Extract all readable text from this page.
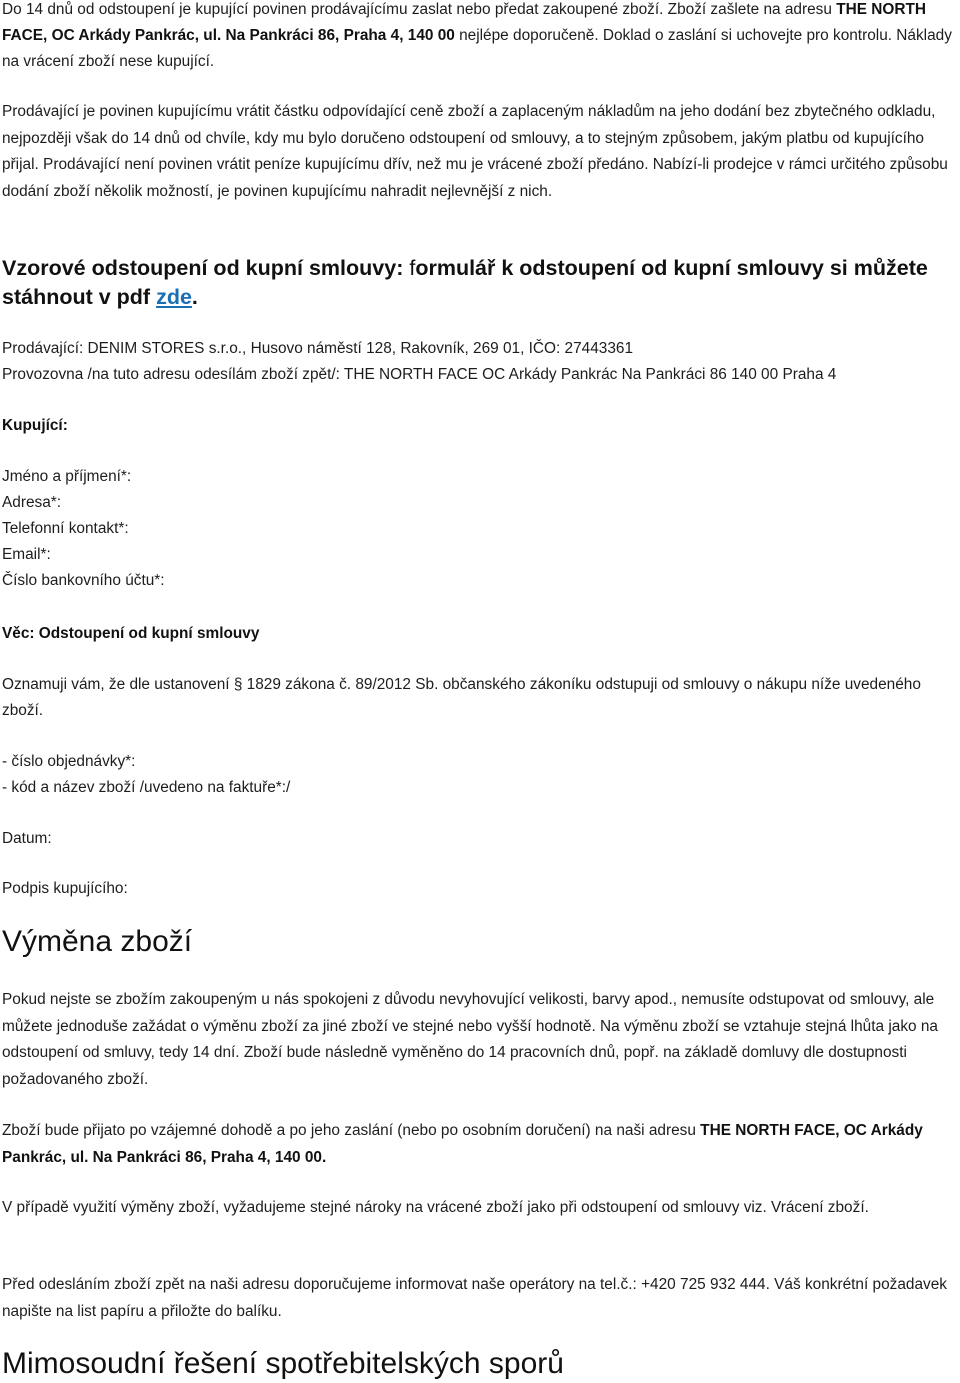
Do 14 dnů od odstoupení je kupující povinen prodávajícímu zaslat nebo předat zakoupené zboží. Zboží zašlete na adresu THE NORTH FACE, OC Arkády Pankrác, ul. Na Pankráci 86, Praha 4, 140 00 nejlépe doporučeně. Doklad o zaslání si uchovejte pro kontrolu. Náklady na vrácení zboží nese kupující.

Prodávající je povinen kupujícímu vrátit částku odpovídající ceně zboží a zaplaceným nákladům na jeho dodání bez zbytečného odkladu, nejpozději však do 14 dnů od chvíle, kdy mu bylo doručeno odstoupení od smlouvy, a to stejným způsobem, jakým platbu od kupujícího přijal. Prodávající není povinen vrátit peníze kupujícímu dřív, než mu je vrácené zboží předáno. Nabízí-li prodejce v rámci určitého způsobu dodání zboží několik možností, je povinen kupujícímu nahradit nejlevnější z nich.

Vzorové odstoupení od kupní smlouvy: formulář k odstoupení od kupní smlouvy si můžete stáhnout v pdf zde.

Prodávající: DENIM STORES s.r.o., Husovo náměstí 128, Rakovník, 269 01, IČO: 27443361
Provozovna /na tuto adresu odesílám zboží zpět/: THE NORTH FACE OC Arkády Pankrác Na Pankráci 86 140 00 Praha 4

Kupující:

Jméno a příjmení*:
Adresa*:
Telefonní kontakt*:
Email*:
Číslo bankovního účtu*:

Věc: Odstoupení od kupní smlouvy

Oznamuji vám, že dle ustanovení § 1829 zákona č. 89/2012 Sb. občanského zákoníku odstupuji od smlouvy o nákupu níže uvedeného zboží.

- číslo objednávky*:
- kód a název zboží /uvedeno na faktuře*:/

Datum:

Podpis kupujícího:

Výměna zboží

Pokud nejste se zbožím zakoupeným u nás spokojeni z důvodu nevyhovující velikosti, barvy apod., nemusíte odstupovat od smlouvy, ale můžete jednoduše zažádat o výměnu zboží za jiné zboží ve stejné nebo vyšší hodnotě. Na výměnu zboží se vztahuje stejná lhůta jako na odstoupení od smluvy, tedy 14 dní. Zboží bude následně vyměněno do 14 pracovních dnů, popř. na základě domluvy dle dostupnosti požadovaného zboží.

Zboží bude přijato po vzájemné dohodě a po jeho zaslání (nebo po osobním doručení) na naši adresu THE NORTH FACE, OC Arkády Pankrác, ul. Na Pankráci 86, Praha 4, 140 00.

V případě využití výměny zboží, vyžadujeme stejné nároky na vrácené zboží jako při odstoupení od smlouvy viz. Vrácení zboží.

Před odesláním zboží zpět na naši adresu doporučujeme informovat naše operátory na tel.č.: +420 725 932 444. Váš konkrétní požadavek napište na list papíru a přiložte do balíku.

Mimosoudní řešení spotřebitelských sporů
